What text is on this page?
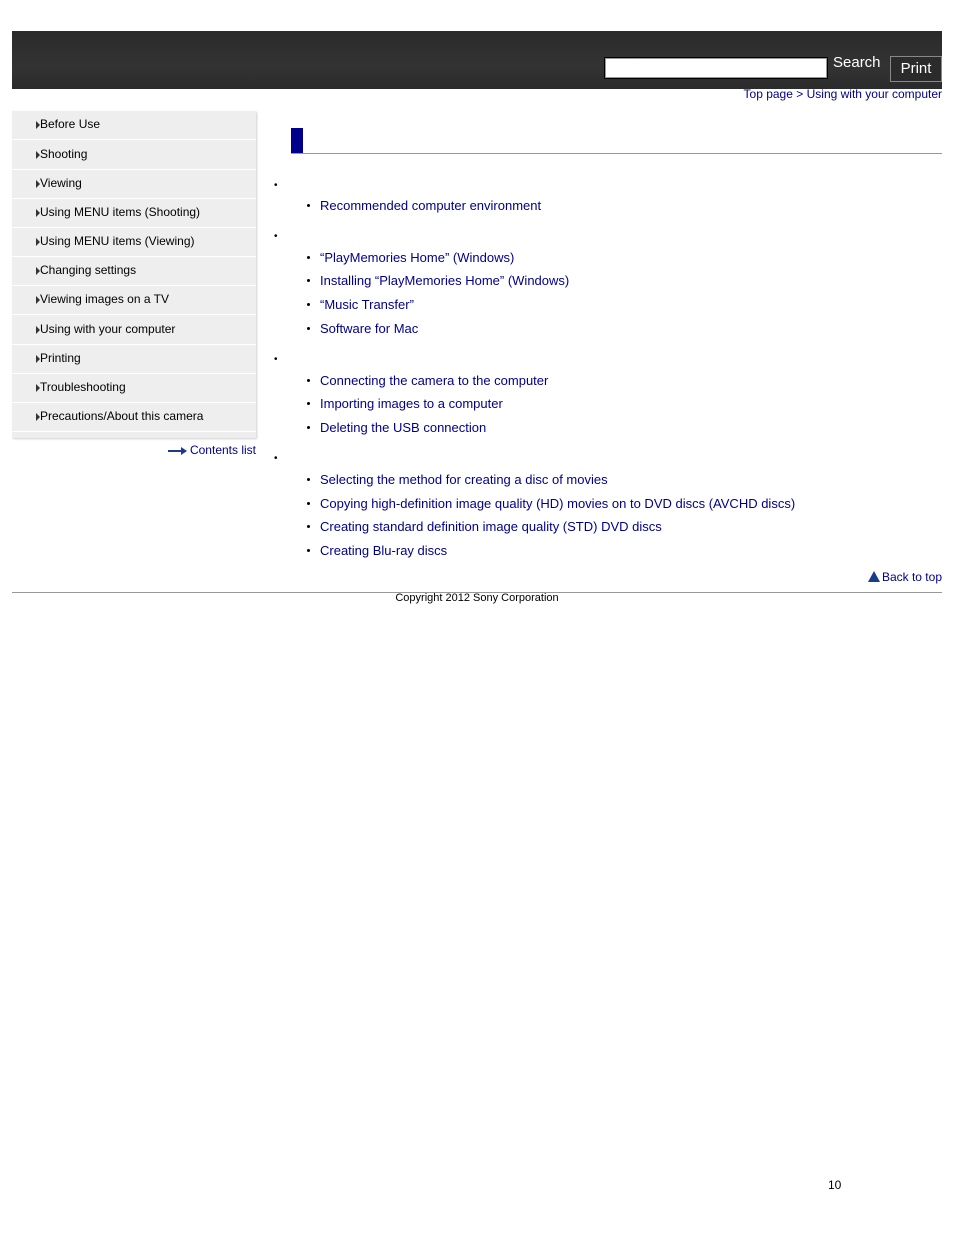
Search	Print
Top page > Using with your computer
Before Use
Shooting
Viewing
Using MENU items (Shooting)
Using MENU items (Viewing)
Changing settings
Viewing images on a TV
Using with your computer
Printing
Troubleshooting
Precautions/About this camera
Contents list
•
Recommended computer environment
•
“PlayMemories Home” (Windows)
Installing “PlayMemories Home” (Windows)
“Music Transfer”
Software for Mac
•
Connecting the camera to the computer
Importing images to a computer
Deleting the USB connection
•
Selecting the method for creating a disc of movies
Copying high-definition image quality (HD) movies on to DVD discs (AVCHD discs)
Creating standard definition image quality (STD) DVD discs
Creating Blu-ray discs
Back to top
Copyright 2012 Sony Corporation
10
